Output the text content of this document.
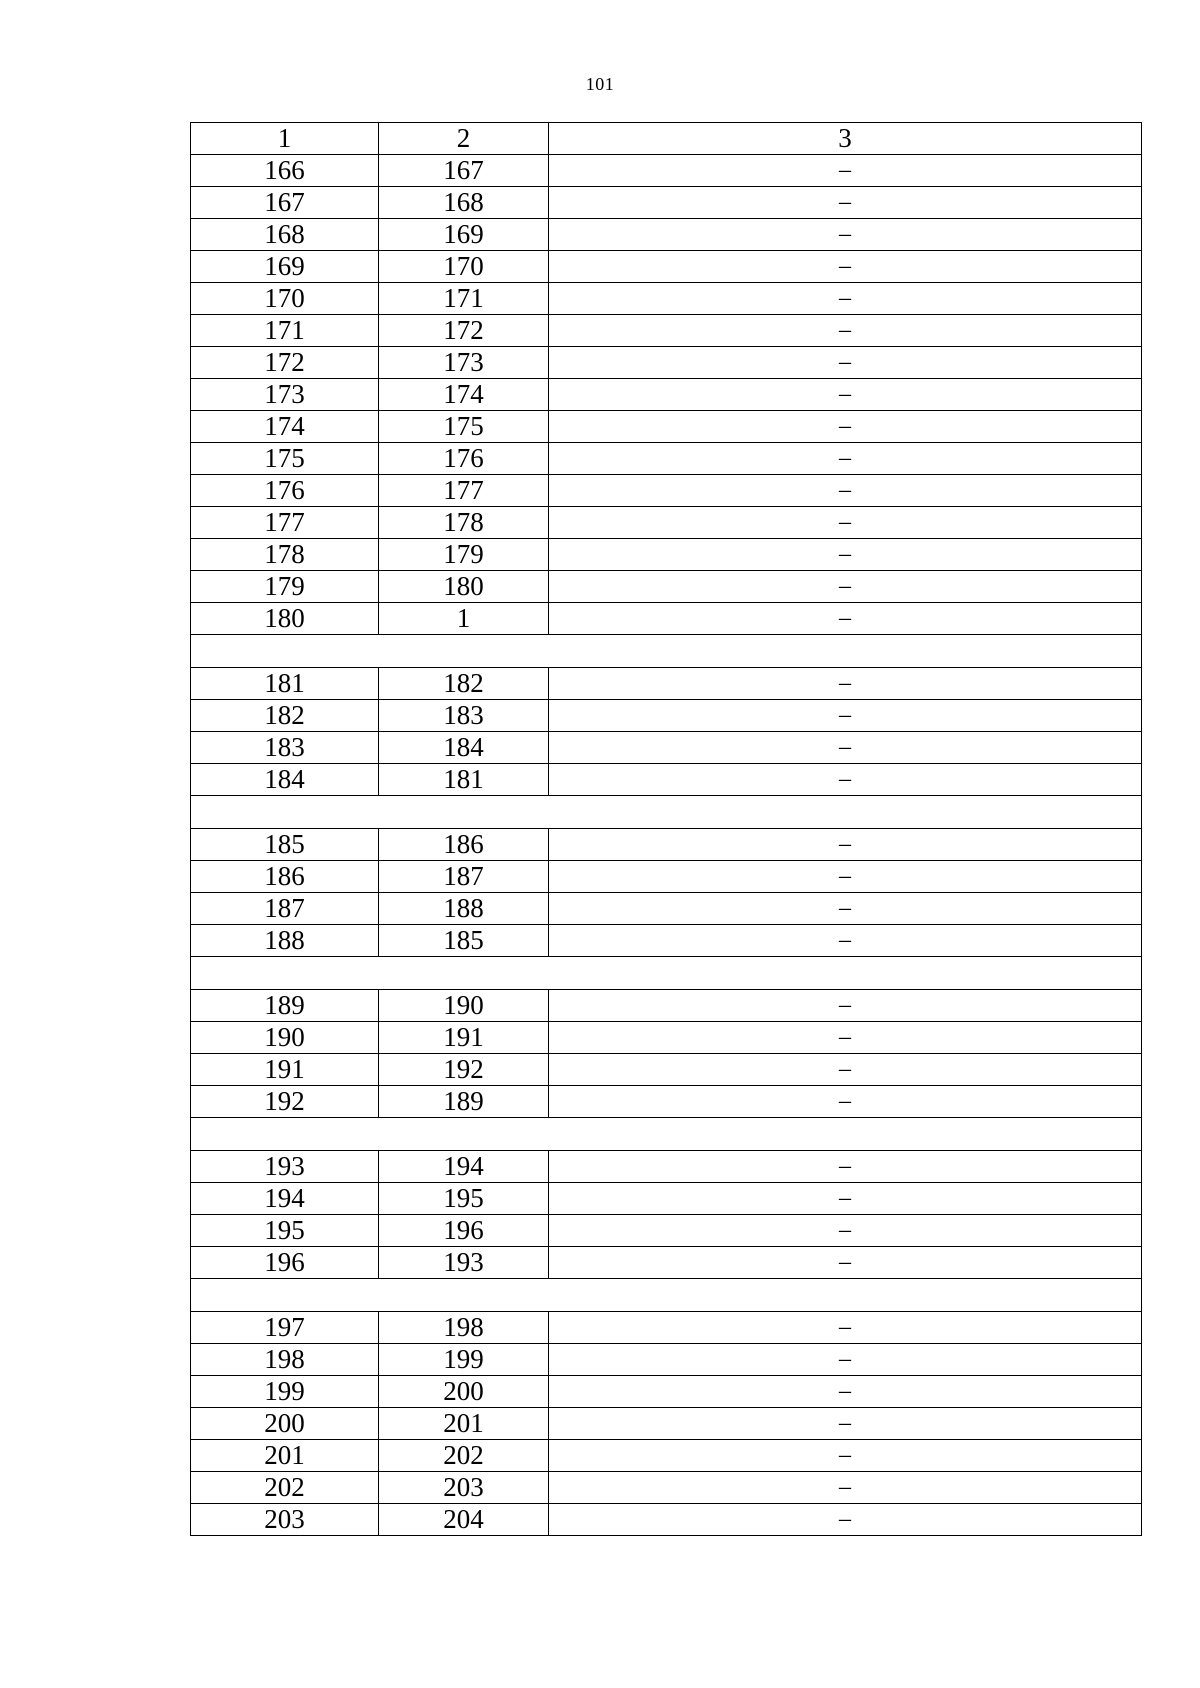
101
1	2	3
166	167	–
167	168	–
168	169	–
169	170	–
170	171	–
171	172	–
172	173	–
173	174	–
174	175	–
175	176	–
176	177	–
177	178	–
178	179	–
179	180	–
180	1	–

181	182	–
182	183	–
183	184	–
184	181	–

185	186	–
186	187	–
187	188	–
188	185	–

189	190	–
190	191	–
191	192	–
192	189	–

193	194	–
194	195	–
195	196	–
196	193	–

197	198	–
198	199	–
199	200	–
200	201	–
201	202	–
202	203	–
203	204	–
